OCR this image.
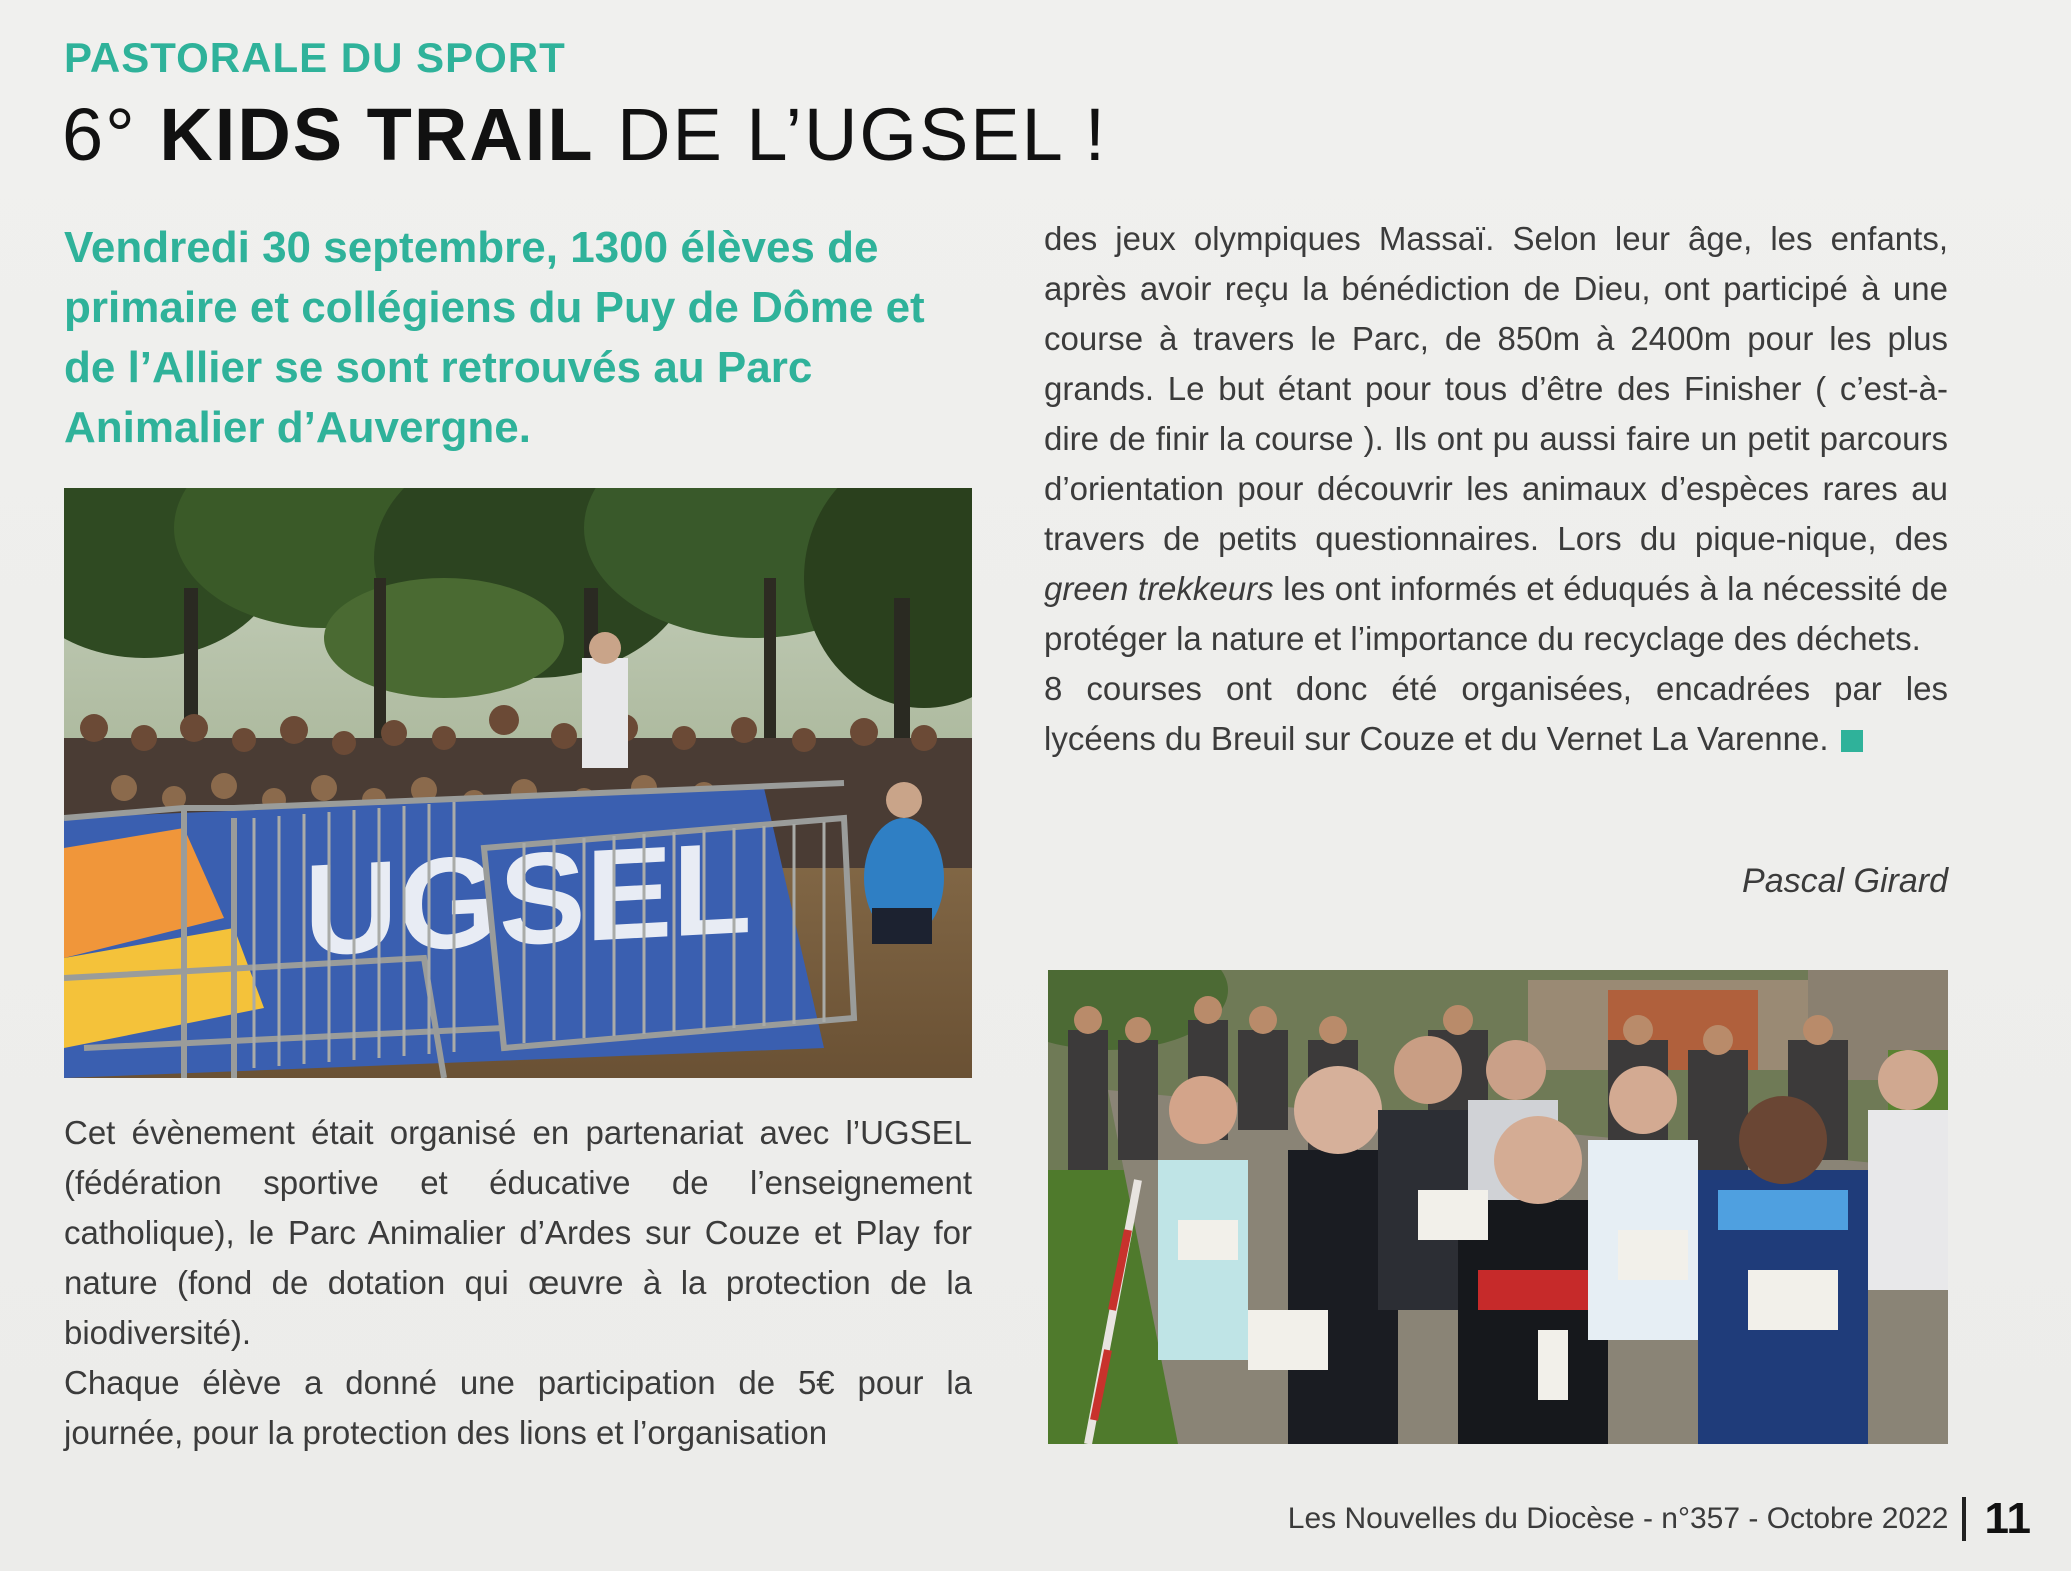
PASTORALE DU SPORT
6° KIDS TRAIL DE L’UGSEL !

Vendredi 30 septembre, 1300 élèves de primaire et collégiens du Puy de Dôme et de l’Allier se sont retrouvés au Parc Animalier d’Auvergne.

UGSEL

Cet évènement était organisé en partenariat avec l’UGSEL (fédération sportive et éducative de l’enseignement catholique), le Parc Animalier d’Ardes sur Couze et Play for nature (fond de dotation qui œuvre à la protection de la biodiversité).

Chaque élève a donné une participation de 5€ pour la journée, pour la protection des lions et l’organisation

des jeux olympiques Massaï. Selon leur âge, les enfants, après avoir reçu la bénédiction de Dieu, ont participé à une course à travers le Parc, de 850m à 2400m pour les plus grands. Le but étant pour tous d’être des Finisher ( c’est-à-dire de finir la course ). Ils ont pu aussi faire un petit parcours d’orientation pour découvrir les animaux d’espèces rares au travers de petits questionnaires. Lors du pique-nique, des green trekkeurs les ont informés et éduqués à la nécessité de protéger la nature et l’importance du recyclage des déchets.

8 courses ont donc été organisées, encadrées par les lycéens du Breuil sur Couze et du Vernet La Varenne.

Pascal Girard

Les Nouvelles du Diocèse - n°357 - Octobre 2022 11
